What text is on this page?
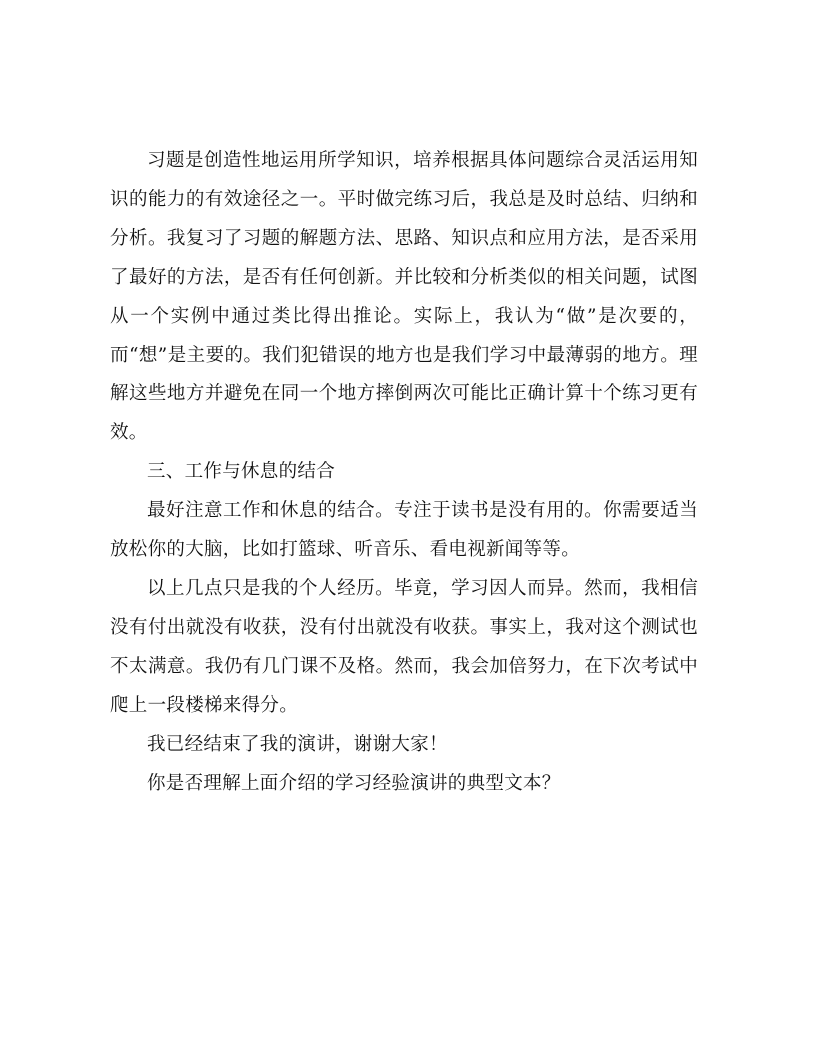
习题是创造性地运用所学知识，培养根据具体问题综合灵活运用知识的能力的有效途径之一。平时做完练习后，我总是及时总结、归纳和分析。我复习了习题的解题方法、思路、知识点和应用方法，是否采用了最好的方法，是否有任何创新。并比较和分析类似的相关问题，试图从一个实例中通过类比得出推论。实际上，我认为“做”是次要的，而“想”是主要的。我们犯错误的地方也是我们学习中最薄弱的地方。理解这些地方并避免在同一个地方摔倒两次可能比正确计算十个练习更有效。

三、工作与休息的结合

最好注意工作和休息的结合。专注于读书是没有用的。你需要适当放松你的大脑，比如打篮球、听音乐、看电视新闻等等。

以上几点只是我的个人经历。毕竟，学习因人而异。然而，我相信没有付出就没有收获，没有付出就没有收获。事实上，我对这个测试也不太满意。我仍有几门课不及格。然而，我会加倍努力，在下次考试中爬上一段楼梯来得分。

我已经结束了我的演讲，谢谢大家！

你是否理解上面介绍的学习经验演讲的典型文本？
